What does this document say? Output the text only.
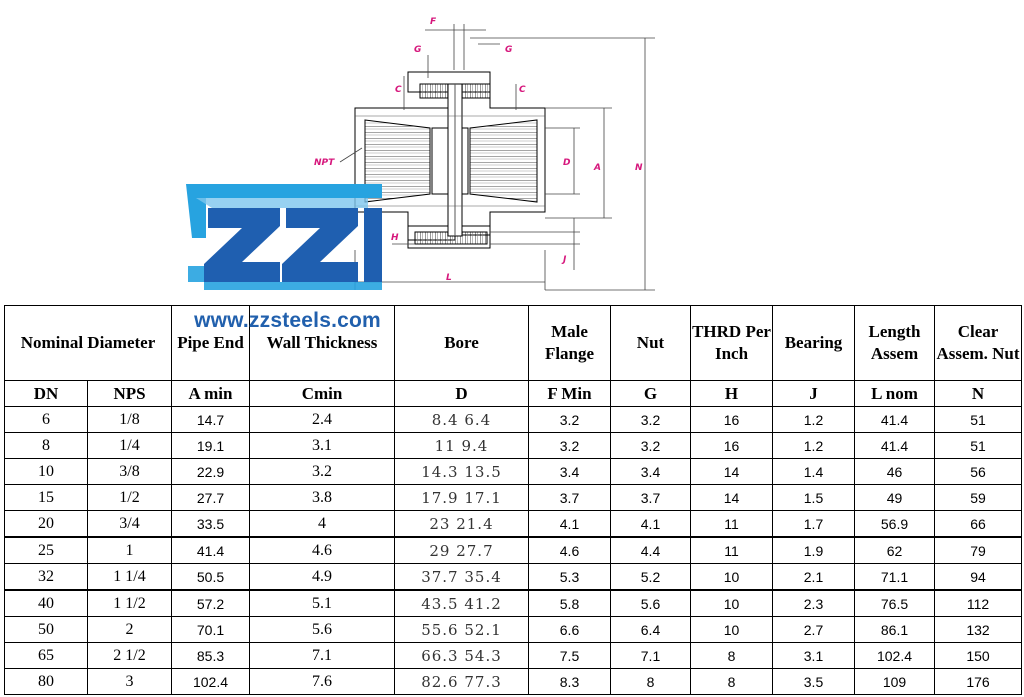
F
G	G
C	C
NPT	D	A	N
H
J
L
www.zzsteels.com
Nominal Diameter		Pipe End	Wall Thickness	Bore	Male Flange	Nut	THRD Per Inch	Bearing	Length Assem	Clear Assem. Nut
DN	NPS	A min	Cmin	D	F Min	G	H	J	L nom	N
6	1/8	14.7	2.4	8.4 6.4	3.2	3.2	16	1.2	41.4	51
8	1/4	19.1	3.1	11 9.4	3.2	3.2	16	1.2	41.4	51
10	3/8	22.9	3.2	14.3 13.5	3.4	3.4	14	1.4	46	56
15	1/2	27.7	3.8	17.9 17.1	3.7	3.7	14	1.5	49	59
20	3/4	33.5	4	23 21.4	4.1	4.1	11	1.7	56.9	66
25	1	41.4	4.6	29 27.7	4.6	4.4	11	1.9	62	79
32	1 1/4	50.5	4.9	37.7 35.4	5.3	5.2	10	2.1	71.1	94
40	1 1/2	57.2	5.1	43.5 41.2	5.8	5.6	10	2.3	76.5	112
50	2	70.1	5.6	55.6 52.1	6.6	6.4	10	2.7	86.1	132
65	2 1/2	85.3	7.1	66.3 54.3	7.5	7.1	8	3.1	102.4	150
80	3	102.4	7.6	82.6 77.3	8.3	8	8	3.5	109	176
